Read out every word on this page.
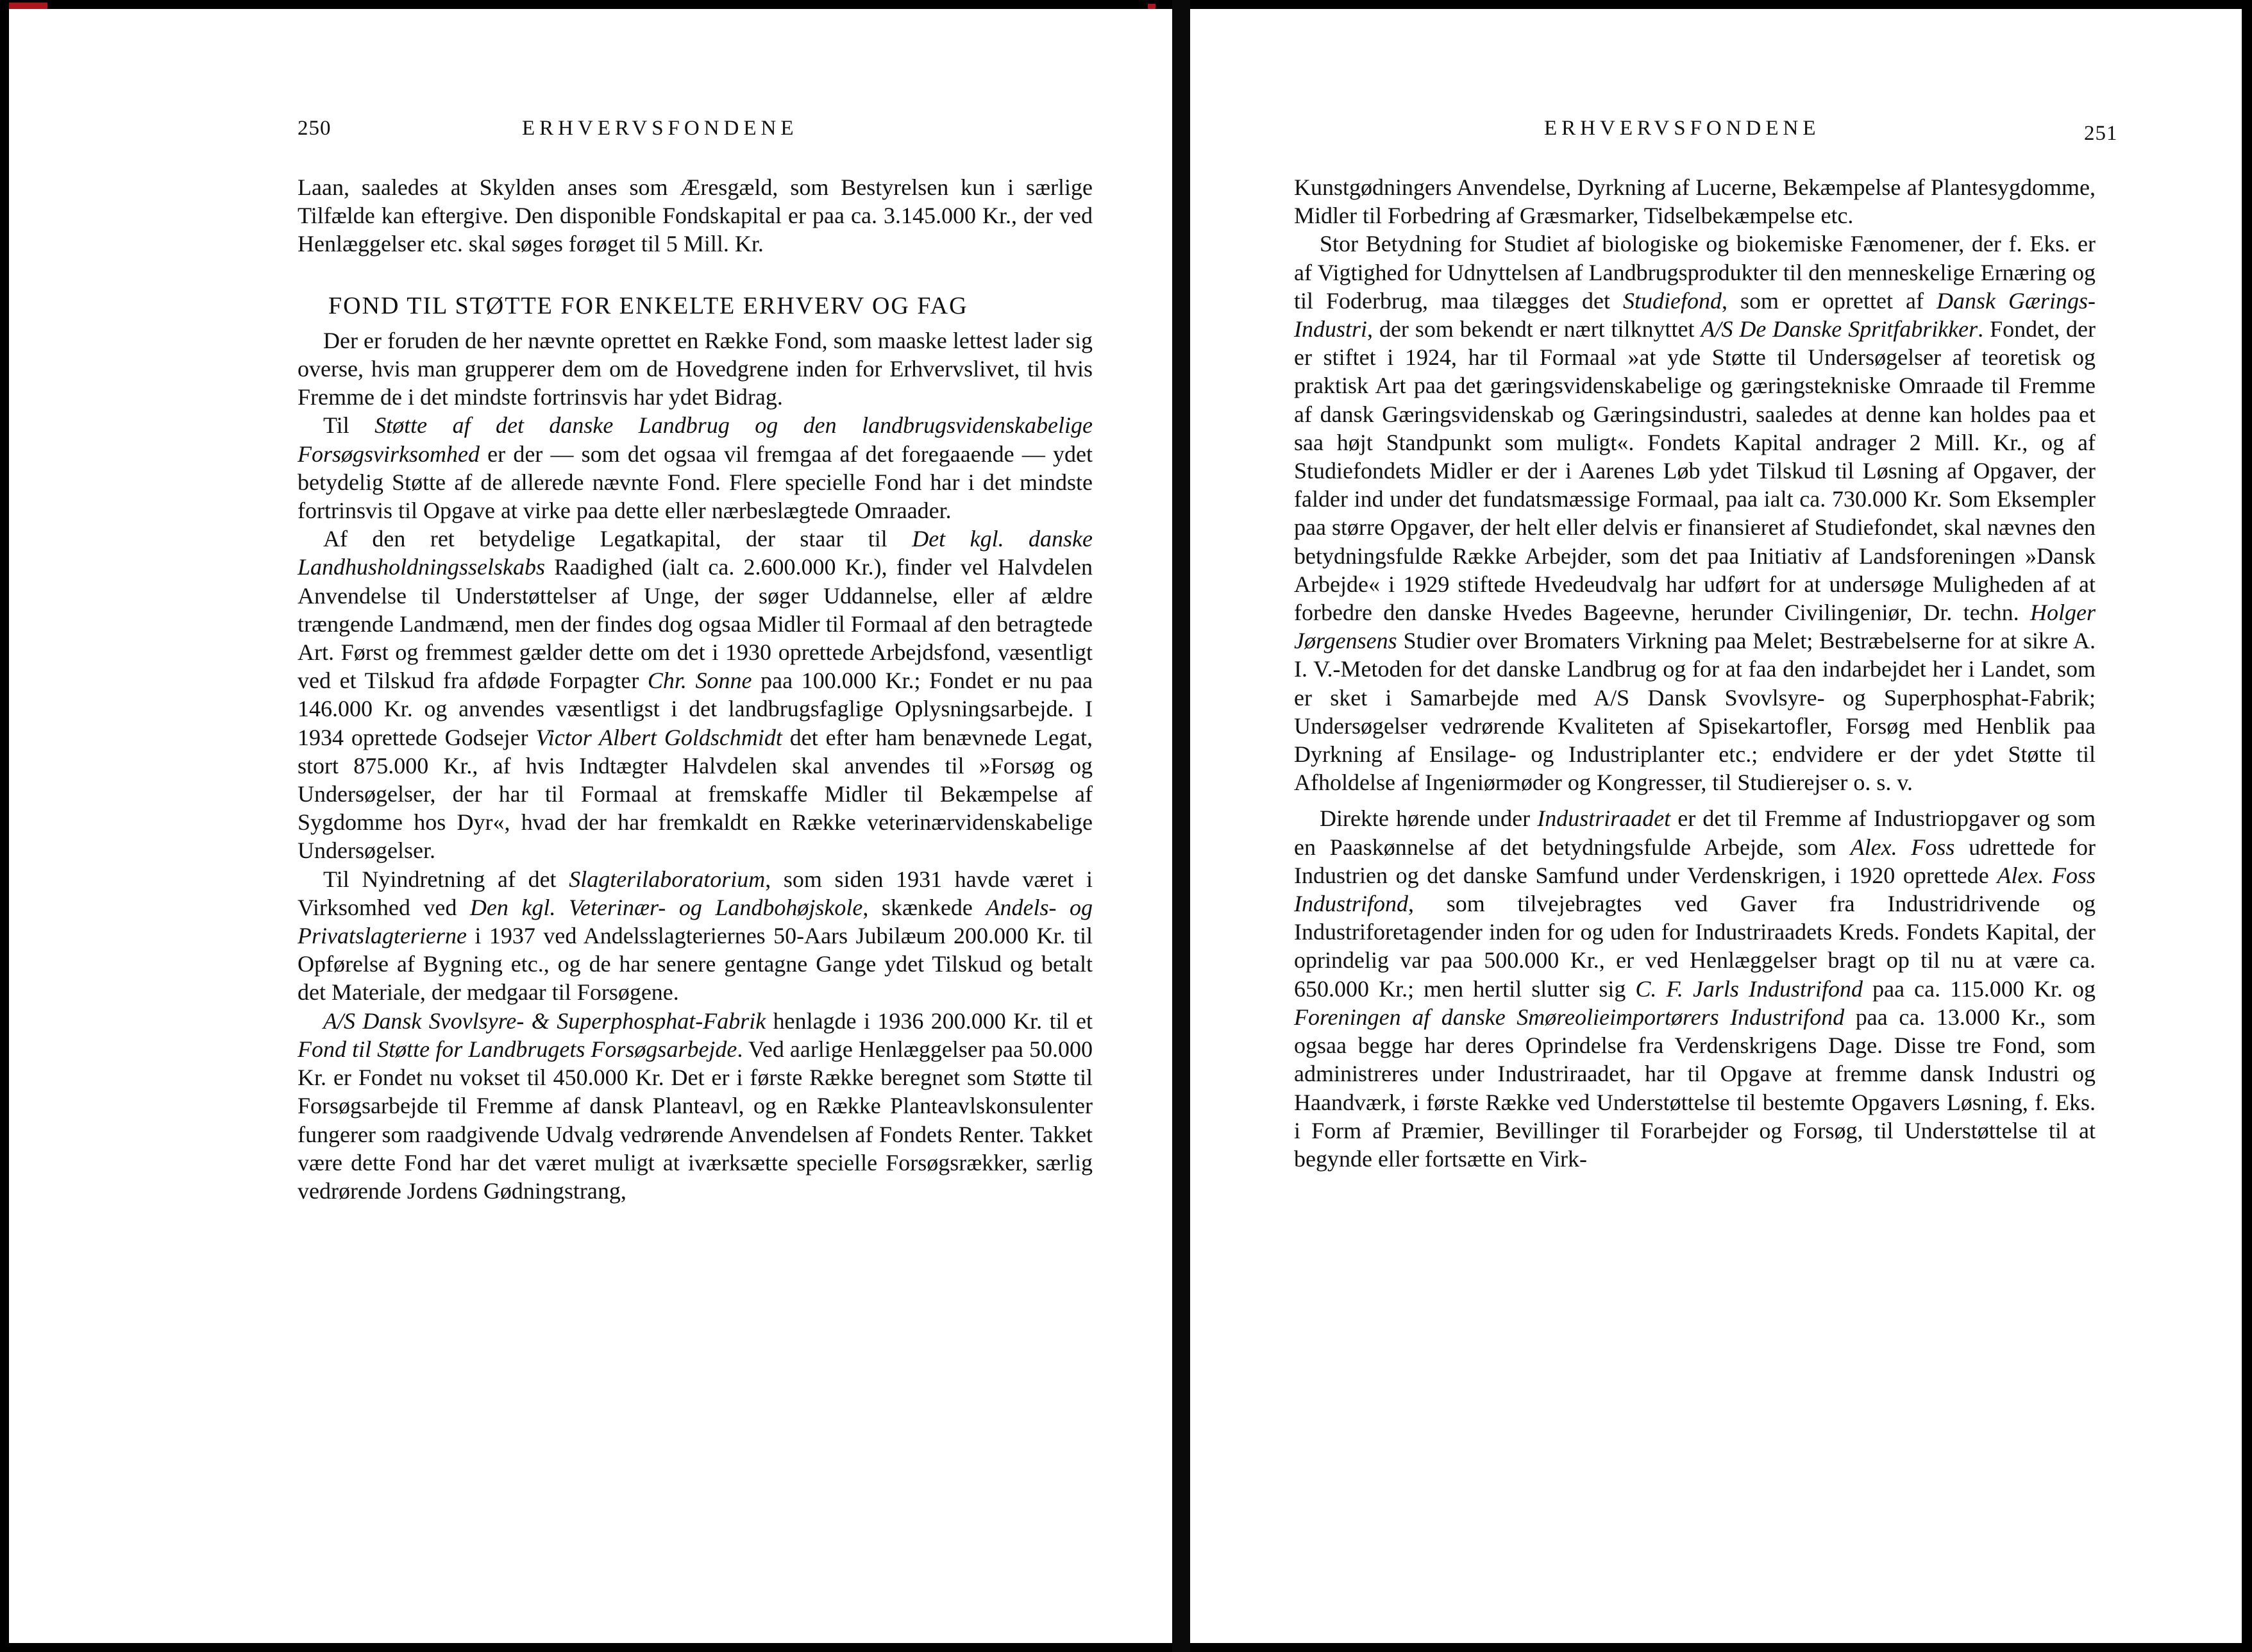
250	ERHVERVSFONDENE

Laan, saaledes at Skylden anses som Æresgæld, som Bestyrelsen kun i særlige Tilfælde kan eftergive. Den disponible Fondskapital er paa ca. 3.145.000 Kr., der ved Henlæggelser etc. skal søges forøget til 5 Mill. Kr.

FOND TIL STØTTE FOR ENKELTE ERHVERV OG FAG

Der er foruden de her nævnte oprettet en Række Fond, som maaske lettest lader sig overse, hvis man grupperer dem om de Hovedgrene inden for Erhvervslivet, til hvis Fremme de i det mindste fortrinsvis har ydet Bidrag.

Til Støtte af det danske Landbrug og den landbrugsvidenskabelige Forsøgsvirksomhed er der — som det ogsaa vil fremgaa af det foregaaende — ydet betydelig Støtte af de allerede nævnte Fond. Flere specielle Fond har i det mindste fortrinsvis til Opgave at virke paa dette eller nærbeslægtede Omraader.

Af den ret betydelige Legatkapital, der staar til Det kgl. danske Landhusholdningsselskabs Raadighed (ialt ca. 2.600.000 Kr.), finder vel Halvdelen Anvendelse til Understøttelser af Unge, der søger Uddannelse, eller af ældre trængende Landmænd, men der findes dog ogsaa Midler til Formaal af den betragtede Art. Først og fremmest gælder dette om det i 1930 oprettede Arbejdsfond, væsentligt ved et Tilskud fra afdøde Forpagter Chr. Sonne paa 100.000 Kr.; Fondet er nu paa 146.000 Kr. og anvendes væsentligst i det landbrugsfaglige Oplysningsarbejde. I 1934 oprettede Godsejer Victor Albert Goldschmidt det efter ham benævnede Legat, stort 875.000 Kr., af hvis Indtægter Halvdelen skal anvendes til »Forsøg og Undersøgelser, der har til Formaal at fremskaffe Midler til Bekæmpelse af Sygdomme hos Dyr«, hvad der har fremkaldt en Række veterinærvidenskabelige Undersøgelser.

Til Nyindretning af det Slagterilaboratorium, som siden 1931 havde været i Virksomhed ved Den kgl. Veterinær- og Landbohøjskole, skænkede Andels- og Privatslagterierne i 1937 ved Andelsslagteriernes 50-Aars Jubilæum 200.000 Kr. til Opførelse af Bygning etc., og de har senere gentagne Gange ydet Tilskud og betalt det Materiale, der medgaar til Forsøgene.

A/S Dansk Svovlsyre- & Superphosphat-Fabrik henlagde i 1936 200.000 Kr. til et Fond til Støtte for Landbrugets Forsøgsarbejde. Ved aarlige Henlæggelser paa 50.000 Kr. er Fondet nu vokset til 450.000 Kr. Det er i første Række beregnet som Støtte til Forsøgsarbejde til Fremme af dansk Planteavl, og en Række Planteavlskonsulenter fungerer som raadgivende Udvalg vedrørende Anvendelsen af Fondets Renter. Takket være dette Fond har det været muligt at iværksætte specielle Forsøgsrækker, særlig vedrørende Jordens Gødningstrang,

ERHVERVSFONDENE	251

Kunstgødningers Anvendelse, Dyrkning af Lucerne, Bekæmpelse af Plantesygdomme, Midler til Forbedring af Græsmarker, Tidselbekæmpelse etc.

Stor Betydning for Studiet af biologiske og biokemiske Fænomener, der f. Eks. er af Vigtighed for Udnyttelsen af Landbrugsprodukter til den menneskelige Ernæring og til Foderbrug, maa tilægges det Studiefond, som er oprettet af Dansk Gærings-Industri, der som bekendt er nært tilknyttet A/S De Danske Spritfabrikker. Fondet, der er stiftet i 1924, har til Formaal »at yde Støtte til Undersøgelser af teoretisk og praktisk Art paa det gæringsvidenskabelige og gæringstekniske Omraade til Fremme af dansk Gæringsvidenskab og Gæringsindustri, saaledes at denne kan holdes paa et saa højt Standpunkt som muligt«. Fondets Kapital andrager 2 Mill. Kr., og af Studiefondets Midler er der i Aarenes Løb ydet Tilskud til Løsning af Opgaver, der falder ind under det fundatsmæssige Formaal, paa ialt ca. 730.000 Kr. Som Eksempler paa større Opgaver, der helt eller delvis er finansieret af Studiefondet, skal nævnes den betydningsfulde Række Arbejder, som det paa Initiativ af Landsforeningen »Dansk Arbejde« i 1929 stiftede Hvedeudvalg har udført for at undersøge Muligheden af at forbedre den danske Hvedes Bageevne, herunder Civilingeniør, Dr. techn. Holger Jørgensens Studier over Bromaters Virkning paa Melet; Bestræbelserne for at sikre A. I. V.-Metoden for det danske Landbrug og for at faa den indarbejdet her i Landet, som er sket i Samarbejde med A/S Dansk Svovlsyre- og Superphosphat-Fabrik; Undersøgelser vedrørende Kvaliteten af Spisekartofler, Forsøg med Henblik paa Dyrkning af Ensilage- og Industriplanter etc.; endvidere er der ydet Støtte til Afholdelse af Ingeniørmøder og Kongresser, til Studierejser o. s. v.

Direkte hørende under Industriraadet er det til Fremme af Industriopgaver og som en Paaskønnelse af det betydningsfulde Arbejde, som Alex. Foss udrettede for Industrien og det danske Samfund under Verdenskrigen, i 1920 oprettede Alex. Foss Industrifond, som tilvejebragtes ved Gaver fra Industridrivende og Industriforetagender inden for og uden for Industriraadets Kreds. Fondets Kapital, der oprindelig var paa 500.000 Kr., er ved Henlæggelser bragt op til nu at være ca. 650.000 Kr.; men hertil slutter sig C. F. Jarls Industrifond paa ca. 115.000 Kr. og Foreningen af danske Smøreolieimportørers Industrifond paa ca. 13.000 Kr., som ogsaa begge har deres Oprindelse fra Verdenskrigens Dage. Disse tre Fond, som administreres under Industriraadet, har til Opgave at fremme dansk Industri og Haandværk, i første Række ved Understøttelse til bestemte Opgavers Løsning, f. Eks. i Form af Præmier, Bevillinger til Forarbejder og Forsøg, til Understøttelse til at begynde eller fortsætte en Virk-
